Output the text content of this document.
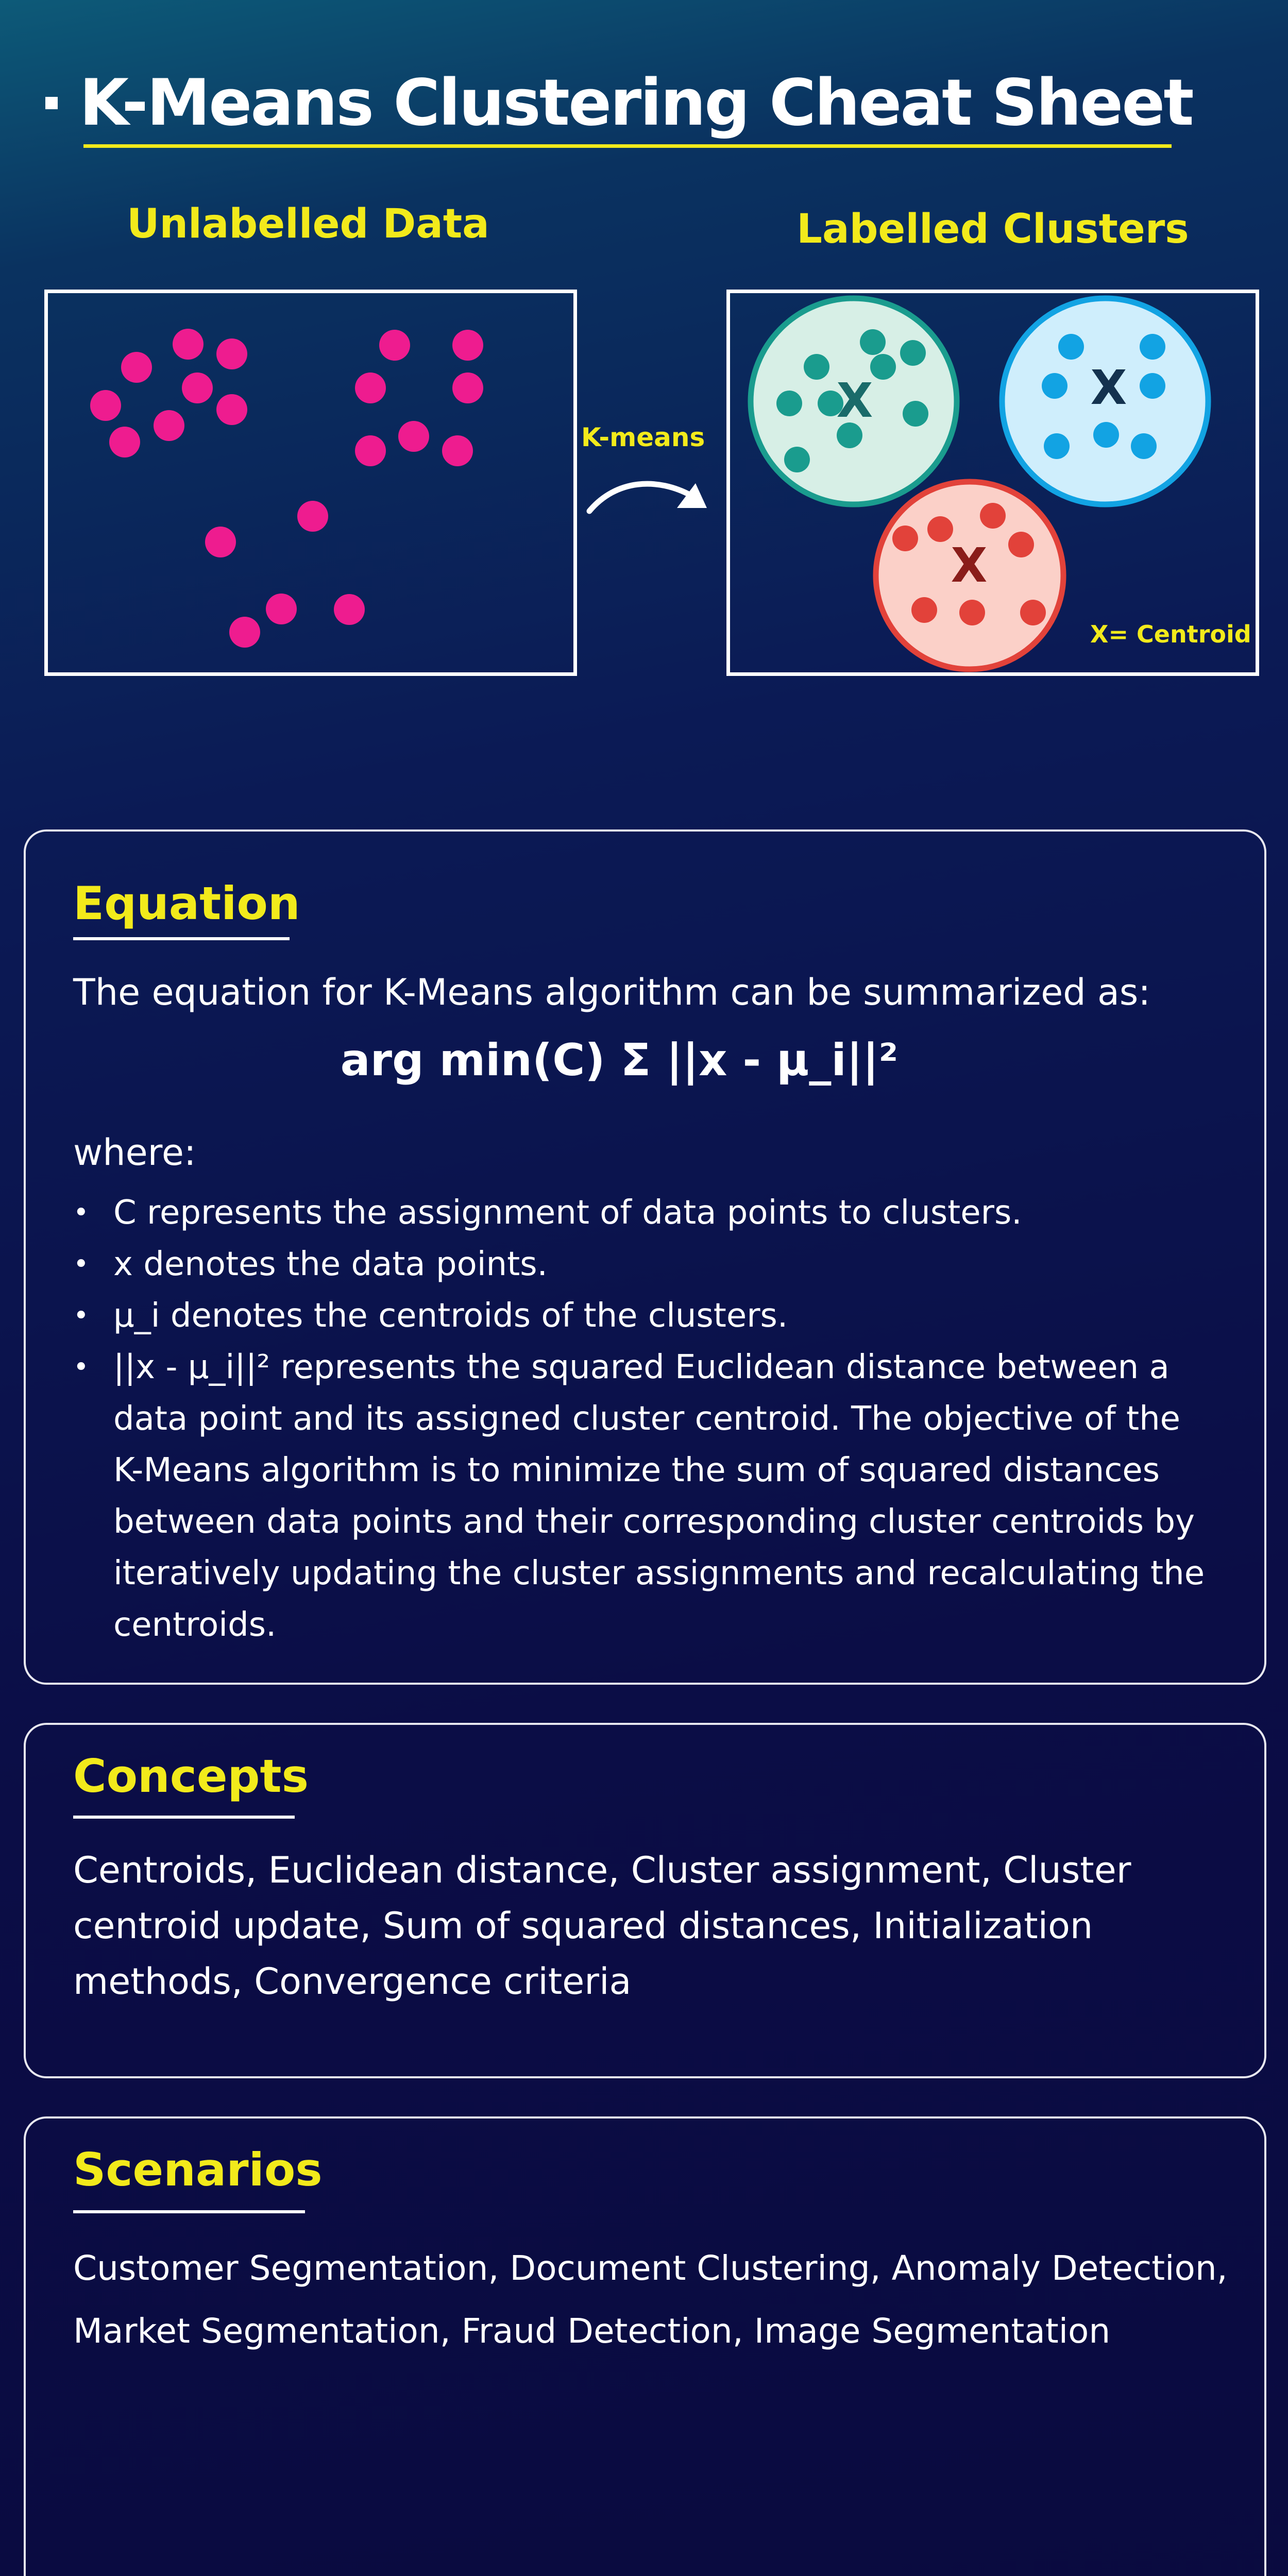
K-Means Clustering Cheat Sheet
Unlabelled Data	Labelled Clusters
K-means
X	X
X
X= Centroid
Equation
The equation for K-Means algorithm can be summarized as:
arg min(C) Σ ||x - μ_i||²
where:
• C represents the assignment of data points to clusters.
• x denotes the data points.
• μ_i denotes the centroids of the clusters.
• ||x - μ_i||² represents the squared Euclidean distance between a data point and its assigned cluster centroid. The objective of the K-Means algorithm is to minimize the sum of squared distances between data points and their corresponding cluster centroids by iteratively updating the cluster assignments and recalculating the centroids.
Concepts
Centroids, Euclidean distance, Cluster assignment, Cluster centroid update, Sum of squared distances, Initialization methods, Convergence criteria
Scenarios
Customer Segmentation, Document Clustering, Anomaly Detection, Market Segmentation, Fraud Detection, Image Segmentation
